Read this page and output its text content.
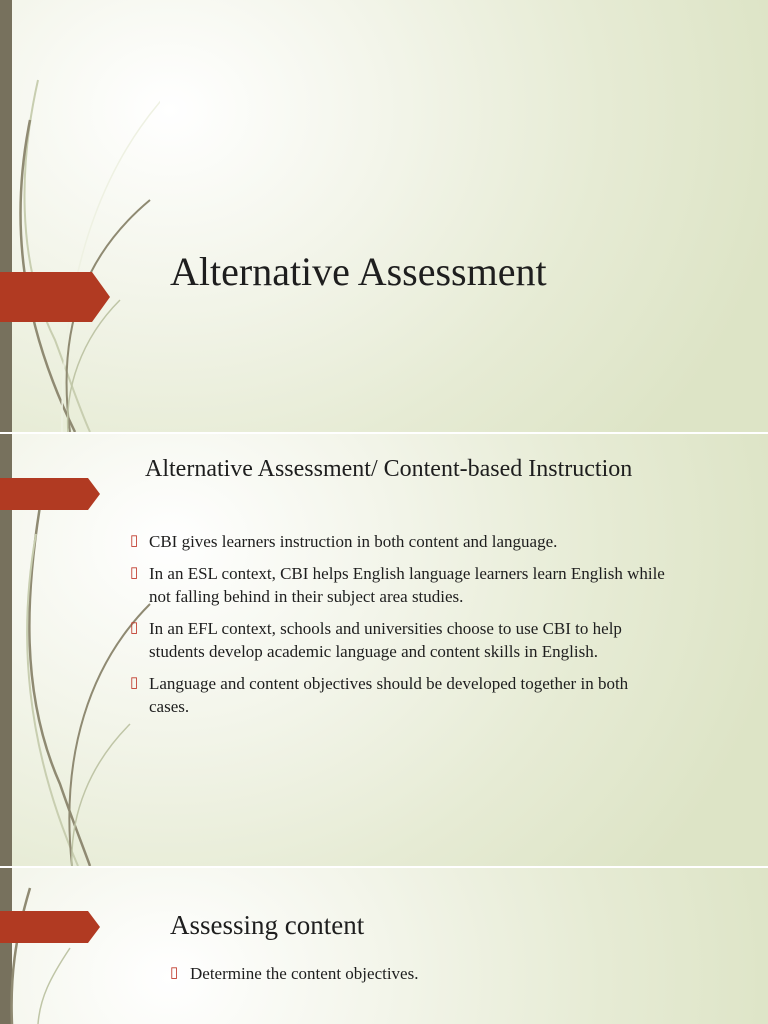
Alternative Assessment
Alternative Assessment/ Content-based Instruction
▯ CBI gives learners instruction in both content and language.
▯ In an ESL context, CBI helps English language learners learn English while not falling behind in their subject area studies.
▯ In an EFL context, schools and universities choose to use CBI to help students develop academic language and content skills in English.
▯ Language and content objectives should be developed together in both cases.
Assessing content
▯ Determine the content objectives.
